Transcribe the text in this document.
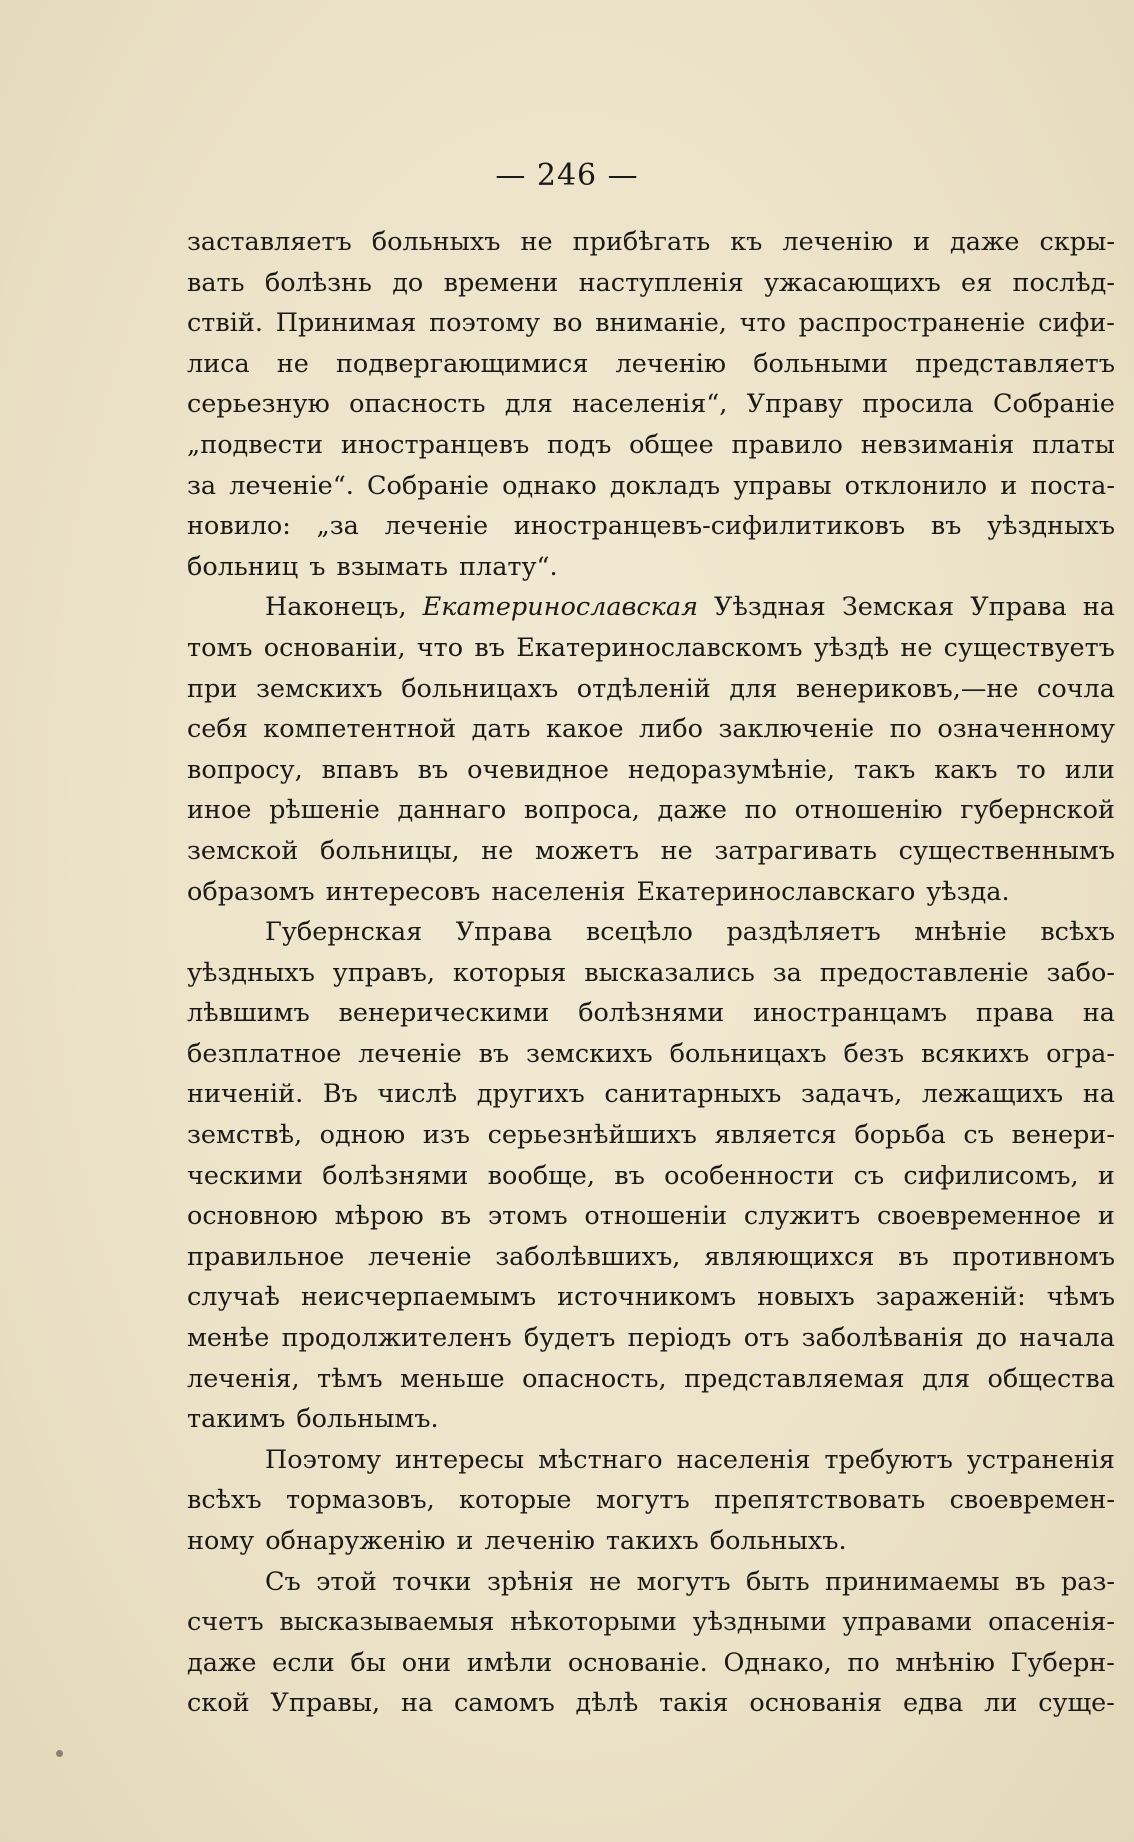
— 246 —
заставляетъ больныхъ не прибѣгать къ леченію и даже скры-
вать болѣзнь до времени наступленія ужасающихъ ея послѣд-
ствій. Принимая поэтому во вниманіе, что распространеніе сифи-
лиса не подвергающимися леченію больными представляетъ
серьезную опасность для населенія“, Управу просила Собраніе
„подвести иностранцевъ подъ общее правило невзиманія платы
за леченіе“. Собраніе однако докладъ управы отклонило и поста-
новило: „за леченіе иностранцевъ-сифилитиковъ въ уѣздныхъ
больниц ъ взымать плату“.
Наконецъ, Екатеринославская Уѣздная Земская Управа на
томъ основаніи, что въ Екатеринославскомъ уѣздѣ не существуетъ
при земскихъ больницахъ отдѣленій для венериковъ,—не сочла
себя компетентной дать какое либо заключеніе по означенному
вопросу, впавъ въ очевидное недоразумѣніе, такъ какъ то или
иное рѣшеніе даннаго вопроса, даже по отношенію губернской
земской больницы, не можетъ не затрагивать существеннымъ
образомъ интересовъ населенія Екатеринославскаго уѣзда.
Губернская Управа всецѣло раздѣляетъ мнѣніе всѣхъ
уѣздныхъ управъ, которыя высказались за предоставленіе забо-
лѣвшимъ венерическими болѣзнями иностранцамъ права на
безплатное леченіе въ земскихъ больницахъ безъ всякихъ огра-
ниченій. Въ числѣ другихъ санитарныхъ задачъ, лежащихъ на
земствѣ, одною изъ серьезнѣйшихъ является борьба съ венери-
ческими болѣзнями вообще, въ особенности съ сифилисомъ, и
основною мѣрою въ этомъ отношеніи служитъ своевременное и
правильное леченіе заболѣвшихъ, являющихся въ противномъ
случаѣ неисчерпаемымъ источникомъ новыхъ зараженій: чѣмъ
менѣе продолжителенъ будетъ періодъ отъ заболѣванія до начала
леченія, тѣмъ меньше опасность, представляемая для общества
такимъ больнымъ.
Поэтому интересы мѣстнаго населенія требуютъ устраненія
всѣхъ тормазовъ, которые могутъ препятствовать своевремен-
ному обнаруженію и леченію такихъ больныхъ.
Съ этой точки зрѣнія не могутъ быть принимаемы въ раз-
счетъ высказываемыя нѣкоторыми уѣздными управами опасенія-
даже если бы они имѣли основаніе. Однако, по мнѣнію Губерн-
ской Управы, на самомъ дѣлѣ такія основанія едва ли суще-
